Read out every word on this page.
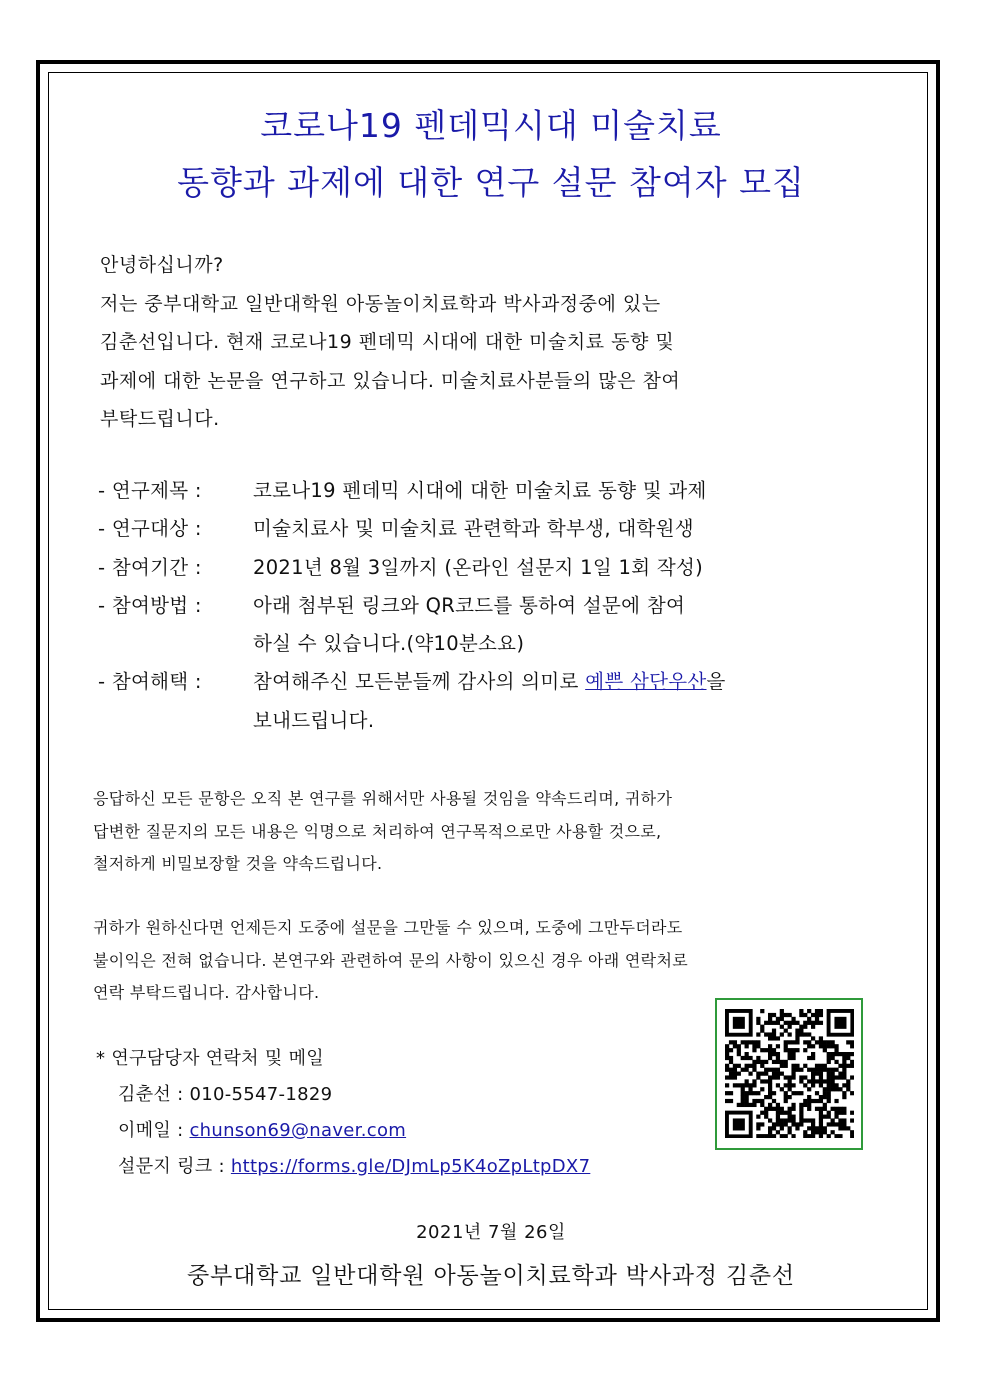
코로나19 펜데믹시대 미술치료
동향과 과제에 대한 연구 설문 참여자 모집
안녕하십니까?
저는 중부대학교 일반대학원 아동놀이치료학과 박사과정중에 있는
김춘선입니다. 현재 코로나19 펜데믹 시대에 대한 미술치료 동향 및
과제에 대한 논문을 연구하고 있습니다. 미술치료사분들의 많은 참여
부탁드립니다.
- 연구제목 :	코로나19 펜데믹 시대에 대한 미술치료 동향 및 과제
- 연구대상 :	미술치료사 및 미술치료 관련학과 학부생, 대학원생
- 참여기간 :	2021년 8월 3일까지 (온라인 설문지 1일 1회 작성)
- 참여방법 :	아래 첨부된 링크와 QR코드를 통하여 설문에 참여
하실 수 있습니다.(약10분소요)
- 참여해택 :	참여해주신 모든분들께 감사의 의미로 예쁜 삼단우산을
보내드립니다.
응답하신 모든 문항은 오직 본 연구를 위해서만 사용될 것임을 약속드리며, 귀하가
답변한 질문지의 모든 내용은 익명으로 처리하여 연구목적으로만 사용할 것으로,
철저하게 비밀보장할 것을 약속드립니다.
귀하가 원하신다면 언제든지 도중에 설문을 그만둘 수 있으며, 도중에 그만두더라도
불이익은 전혀 없습니다. 본연구와 관련하여 문의 사항이 있으신 경우 아래 연락처로
연락 부탁드립니다. 감사합니다.
* 연구담당자 연락처 및 메일
김춘선 : 010-5547-1829
이메일 : chunson69@naver.com
설문지 링크 : https://forms.gle/DJmLp5K4oZpLtpDX7
2021년 7월 26일
중부대학교 일반대학원 아동놀이치료학과 박사과정 김춘선
